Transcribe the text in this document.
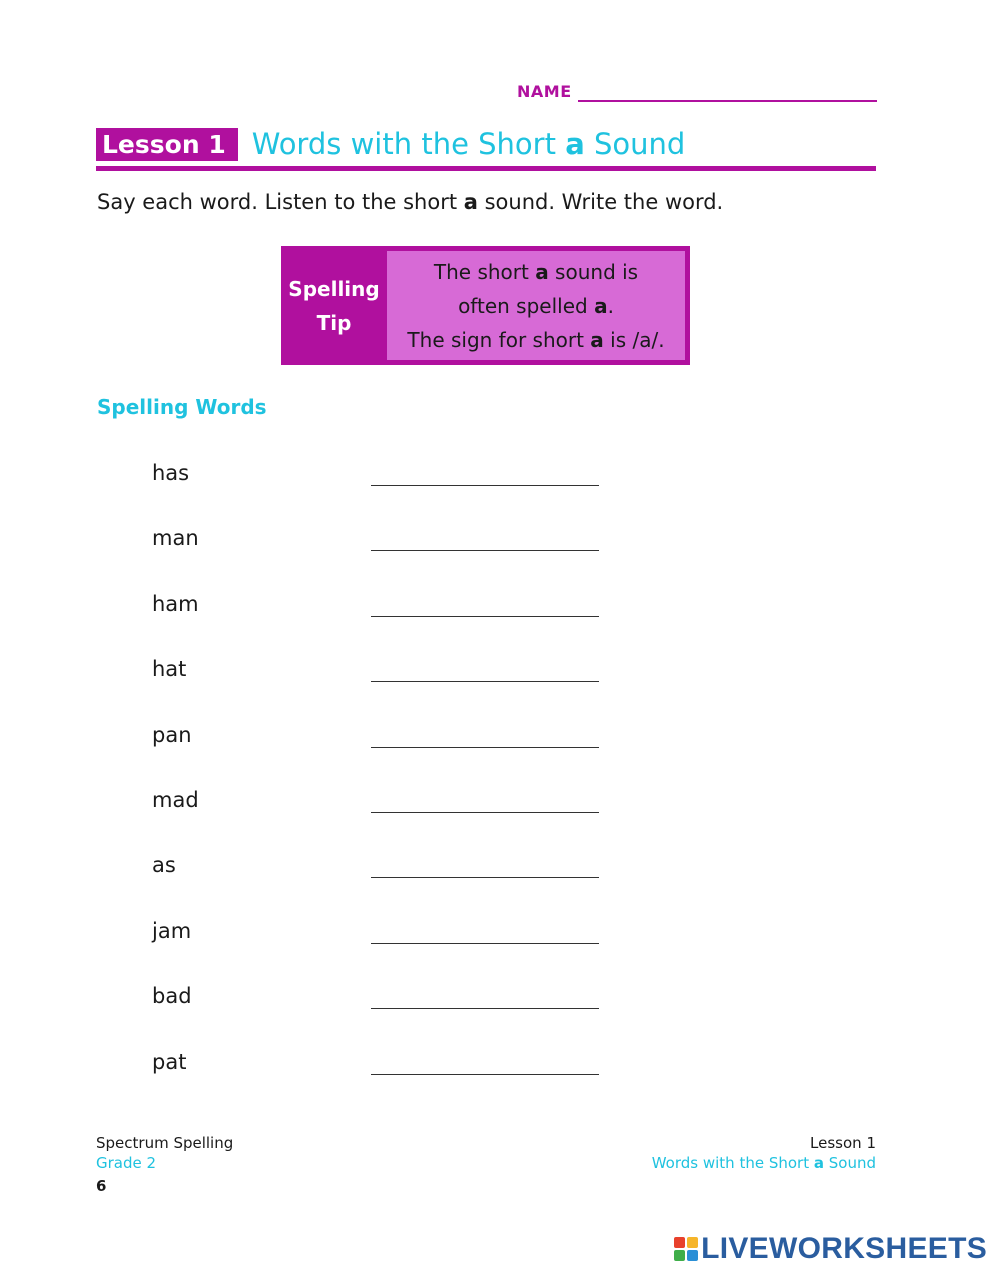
NAME
Lesson 1 Words with the Short a Sound
Say each word. Listen to the short a sound. Write the word.
Spelling
Tip
The short a sound is
often spelled a.
The sign for short a is /a/.
Spelling Words
has
man
ham
hat
pan
mad
as
jam
bad
pat
Spectrum Spelling
Grade 2
6
Lesson 1
Words with the Short a Sound
LIVEWORKSHEETS
